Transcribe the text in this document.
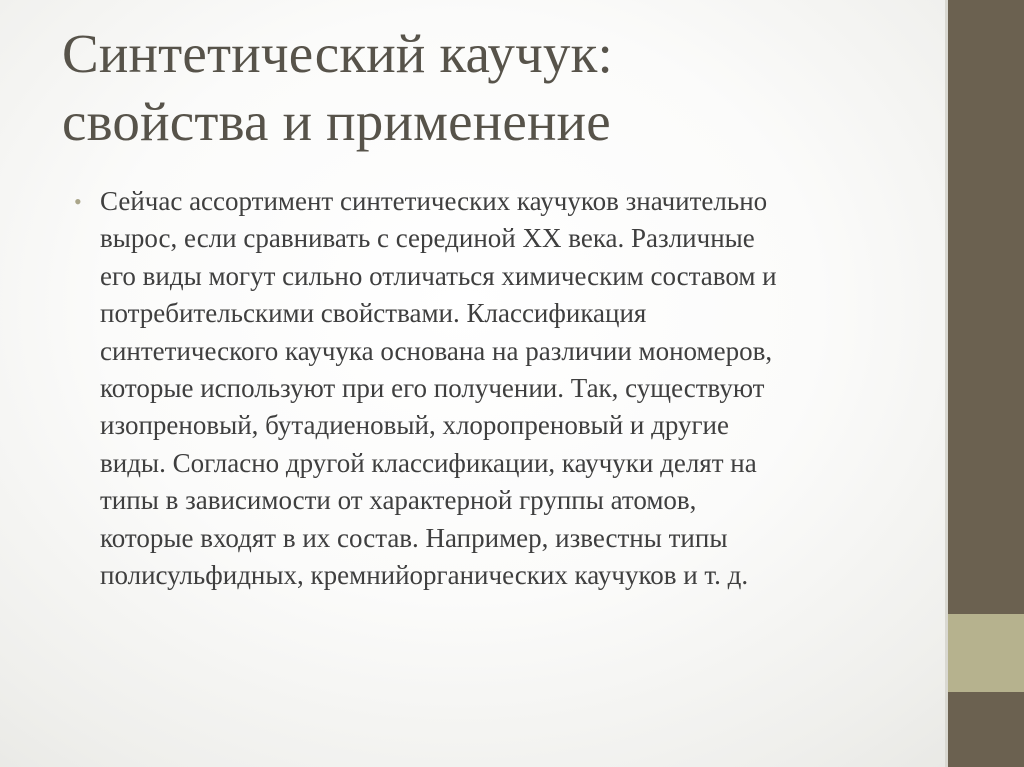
Синтетический каучук:
свойства и применение
• Сейчас ассортимент синтетических каучуков значительно
вырос, если сравнивать с серединой XX века. Различные
его виды могут сильно отличаться химическим составом и
потребительскими свойствами. Классификация
синтетического каучука основана на различии мономеров,
которые используют при его получении. Так, существуют
изопреновый, бутадиеновый, хлоропреновый и другие
виды. Согласно другой классификации, каучуки делят на
типы в зависимости от характерной группы атомов,
которые входят в их состав. Например, известны типы
полисульфидных, кремнийорганических каучуков и т. д.
